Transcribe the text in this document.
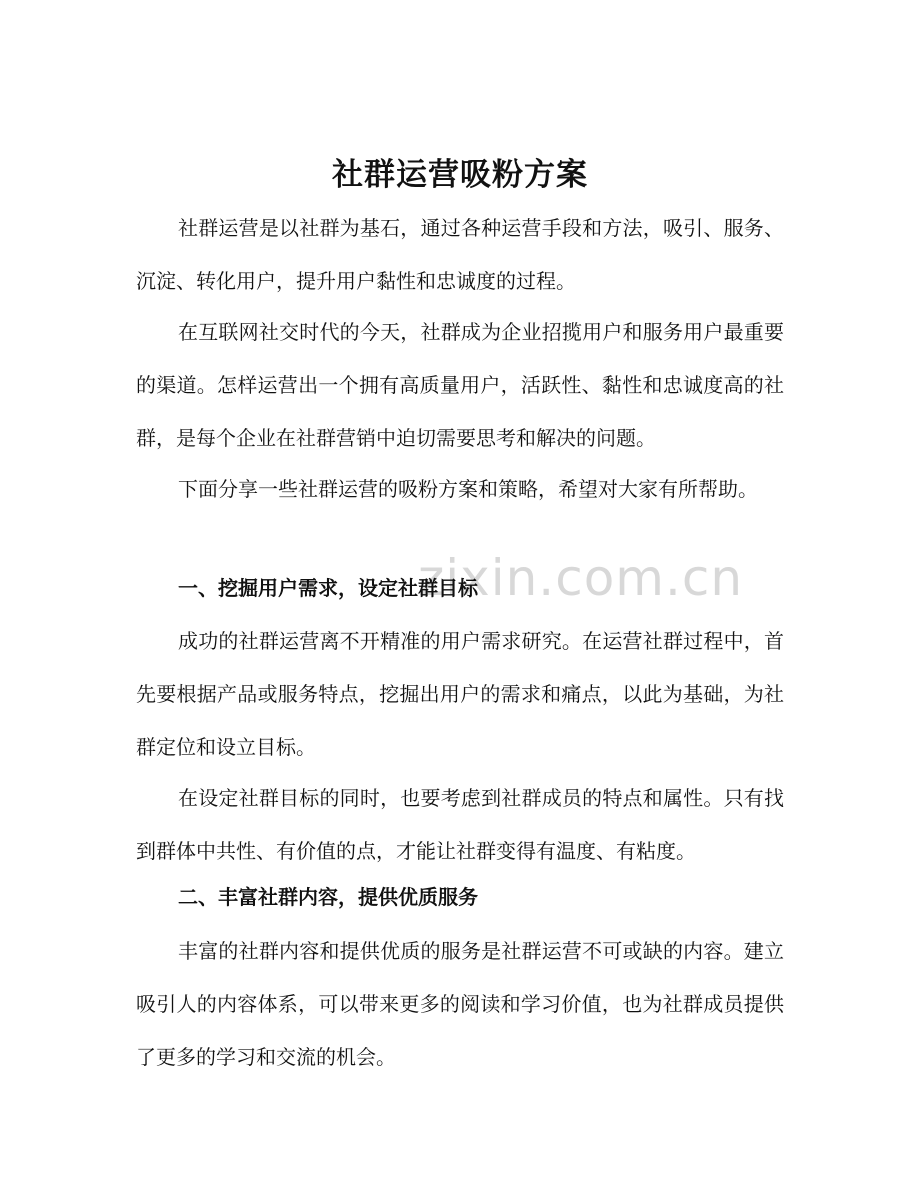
zixin.com.cn
社群运营吸粉方案

社群运营是以社群为基石，通过各种运营手段和方法，吸引、服务、沉淀、转化用户，提升用户黏性和忠诚度的过程。

在互联网社交时代的今天，社群成为企业招揽用户和服务用户最重要的渠道。怎样运营出一个拥有高质量用户，活跃性、黏性和忠诚度高的社群，是每个企业在社群营销中迫切需要思考和解决的问题。

下面分享一些社群运营的吸粉方案和策略，希望对大家有所帮助。

一、挖掘用户需求，设定社群目标

成功的社群运营离不开精准的用户需求研究。在运营社群过程中，首先要根据产品或服务特点，挖掘出用户的需求和痛点，以此为基础，为社群定位和设立目标。

在设定社群目标的同时，也要考虑到社群成员的特点和属性。只有找到群体中共性、有价值的点，才能让社群变得有温度、有粘度。

二、丰富社群内容，提供优质服务

丰富的社群内容和提供优质的服务是社群运营不可或缺的内容。建立吸引人的内容体系，可以带来更多的阅读和学习价值，也为社群成员提供了更多的学习和交流的机会。
